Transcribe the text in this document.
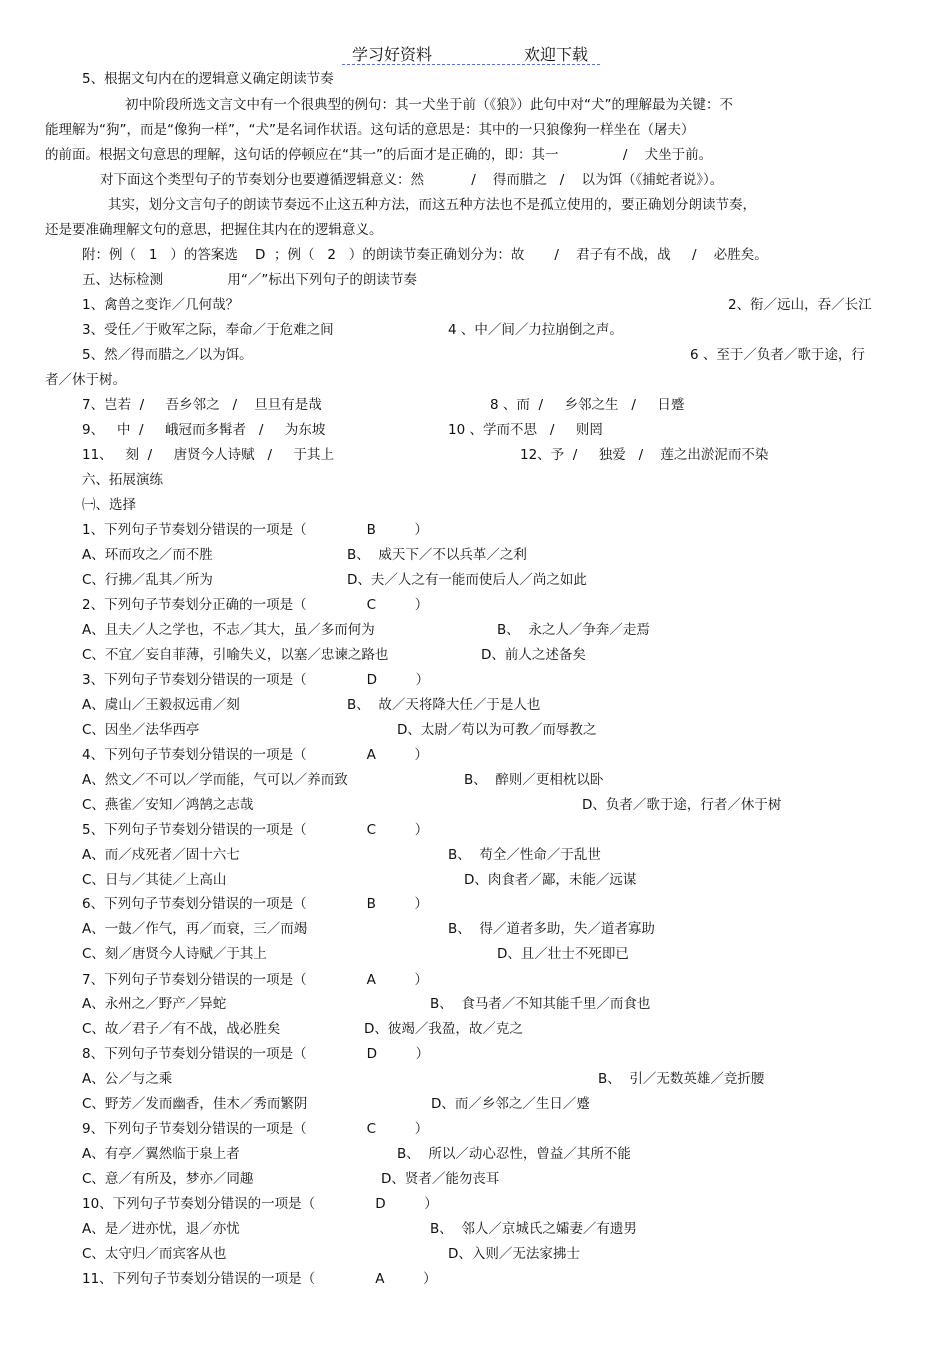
学习好资料	欢迎下载
5、根据文句内在的逻辑意义确定朗读节奏
初中阶段所选文言文中有一个很典型的例句：其一犬坐于前（《狼》）此句中对“犬”的理解最为关键：不
能理解为“狗”，而是“像狗一样”，“犬”是名词作状语。这句话的意思是：其中的一只狼像狗一样坐在（屠夫）
的前面。根据文句意思的理解，这句话的停顿应在“其一”的后面才是正确的，即：其一               /    犬坐于前。
对下面这个类型句子的节奏划分也要遵循逻辑意义：然           /    得而腊之   /    以为饵（《捕蛇者说》）。
其实，划分文言句子的朗读节奏远不止这五种方法，而这五种方法也不是孤立使用的，要正确划分朗读节奏，
还是要准确理解文句的意思，把握住其内在的逻辑意义。
附：例（   1   ）的答案选    D  ；例（   2   ）的朗读节奏正确划分为：故       /    君子有不战，战     /    必胜矣。
五、达标检测               用“／”标出下列句子的朗读节奏
1、禽兽之变诈／几何哉？	2、衔／远山，吞／长江
3、受任／于败军之际，奉命／于危难之间	4 、中／间／力拉崩倒之声。
5、然／得而腊之／以为饵。	6 、至于／负者／歌于途，行
者／休于树。
7、岂若  /     吾乡邻之   /    旦旦有是哉	8 、而  /     乡邻之生   /     日蹙
9、   中  /     峨冠而多髯者   /     为东坡	10 、学而不思   /     则罔
11、   刻  /     唐贤今人诗赋   /     于其上	12、予  /     独爱   /    莲之出淤泥而不染
六、拓展演练
㈠、选择
1、下列句子节奏划分错误的一项是（              B         ）
A、环而攻之／而不胜	B、  威天下／不以兵革／之利
C、行拂／乱其／所为	D、夫／人之有一能而使后人／尚之如此
2、下列句子节奏划分正确的一项是（              C         ）
A、且夫／人之学也，不志／其大，虽／多而何为	B、  永之人／争奔／走焉
C、不宜／妄自菲薄，引喻失义，以塞／忠谏之路也	D、前人之述备矣
3、下列句子节奏划分错误的一项是（              D         ）
A、虞山／王毅叔远甫／刻	B、  故／天将降大任／于是人也
C、因坐／法华西亭	D、太尉／苟以为可教／而辱教之
4、下列句子节奏划分错误的一项是（              A         ）
A、然文／不可以／学而能，气可以／养而致	B、  醉则／更相枕以卧
C、燕雀／安知／鸿鹄之志哉	D、负者／歌于途，行者／休于树
5、下列句子节奏划分错误的一项是（              C         ）
A、而／戍死者／固十六七	B、  苟全／性命／于乱世
C、日与／其徒／上高山	D、肉食者／鄙，未能／远谋
6、下列句子节奏划分错误的一项是（              B         ）
A、一鼓／作气，再／而衰，三／而竭	B、  得／道者多助，失／道者寡助
C、刻／唐贤今人诗赋／于其上	D、且／壮士不死即已
7、下列句子节奏划分错误的一项是（              A         ）
A、永州之／野产／异蛇	B、  食马者／不知其能千里／而食也
C、故／君子／有不战，战必胜矣	D、彼竭／我盈，故／克之
8、下列句子节奏划分错误的一项是（              D         ）
A、公／与之乘	B、  引／无数英雄／竞折腰
C、野芳／发而幽香，佳木／秀而繁阴	D、而／乡邻之／生日／蹙
9、下列句子节奏划分错误的一项是（              C         ）
A、有亭／翼然临于泉上者	B、  所以／动心忍性，曾益／其所不能
C、意／有所及，梦亦／同趣	D、贤者／能勿丧耳
10、下列句子节奏划分错误的一项是（              D         ）
A、是／进亦忧，退／亦忧	B、  邻人／京城氏之孀妻／有遗男
C、太守归／而宾客从也	D、入则／无法家拂士
11、下列句子节奏划分错误的一项是（              A         ）
